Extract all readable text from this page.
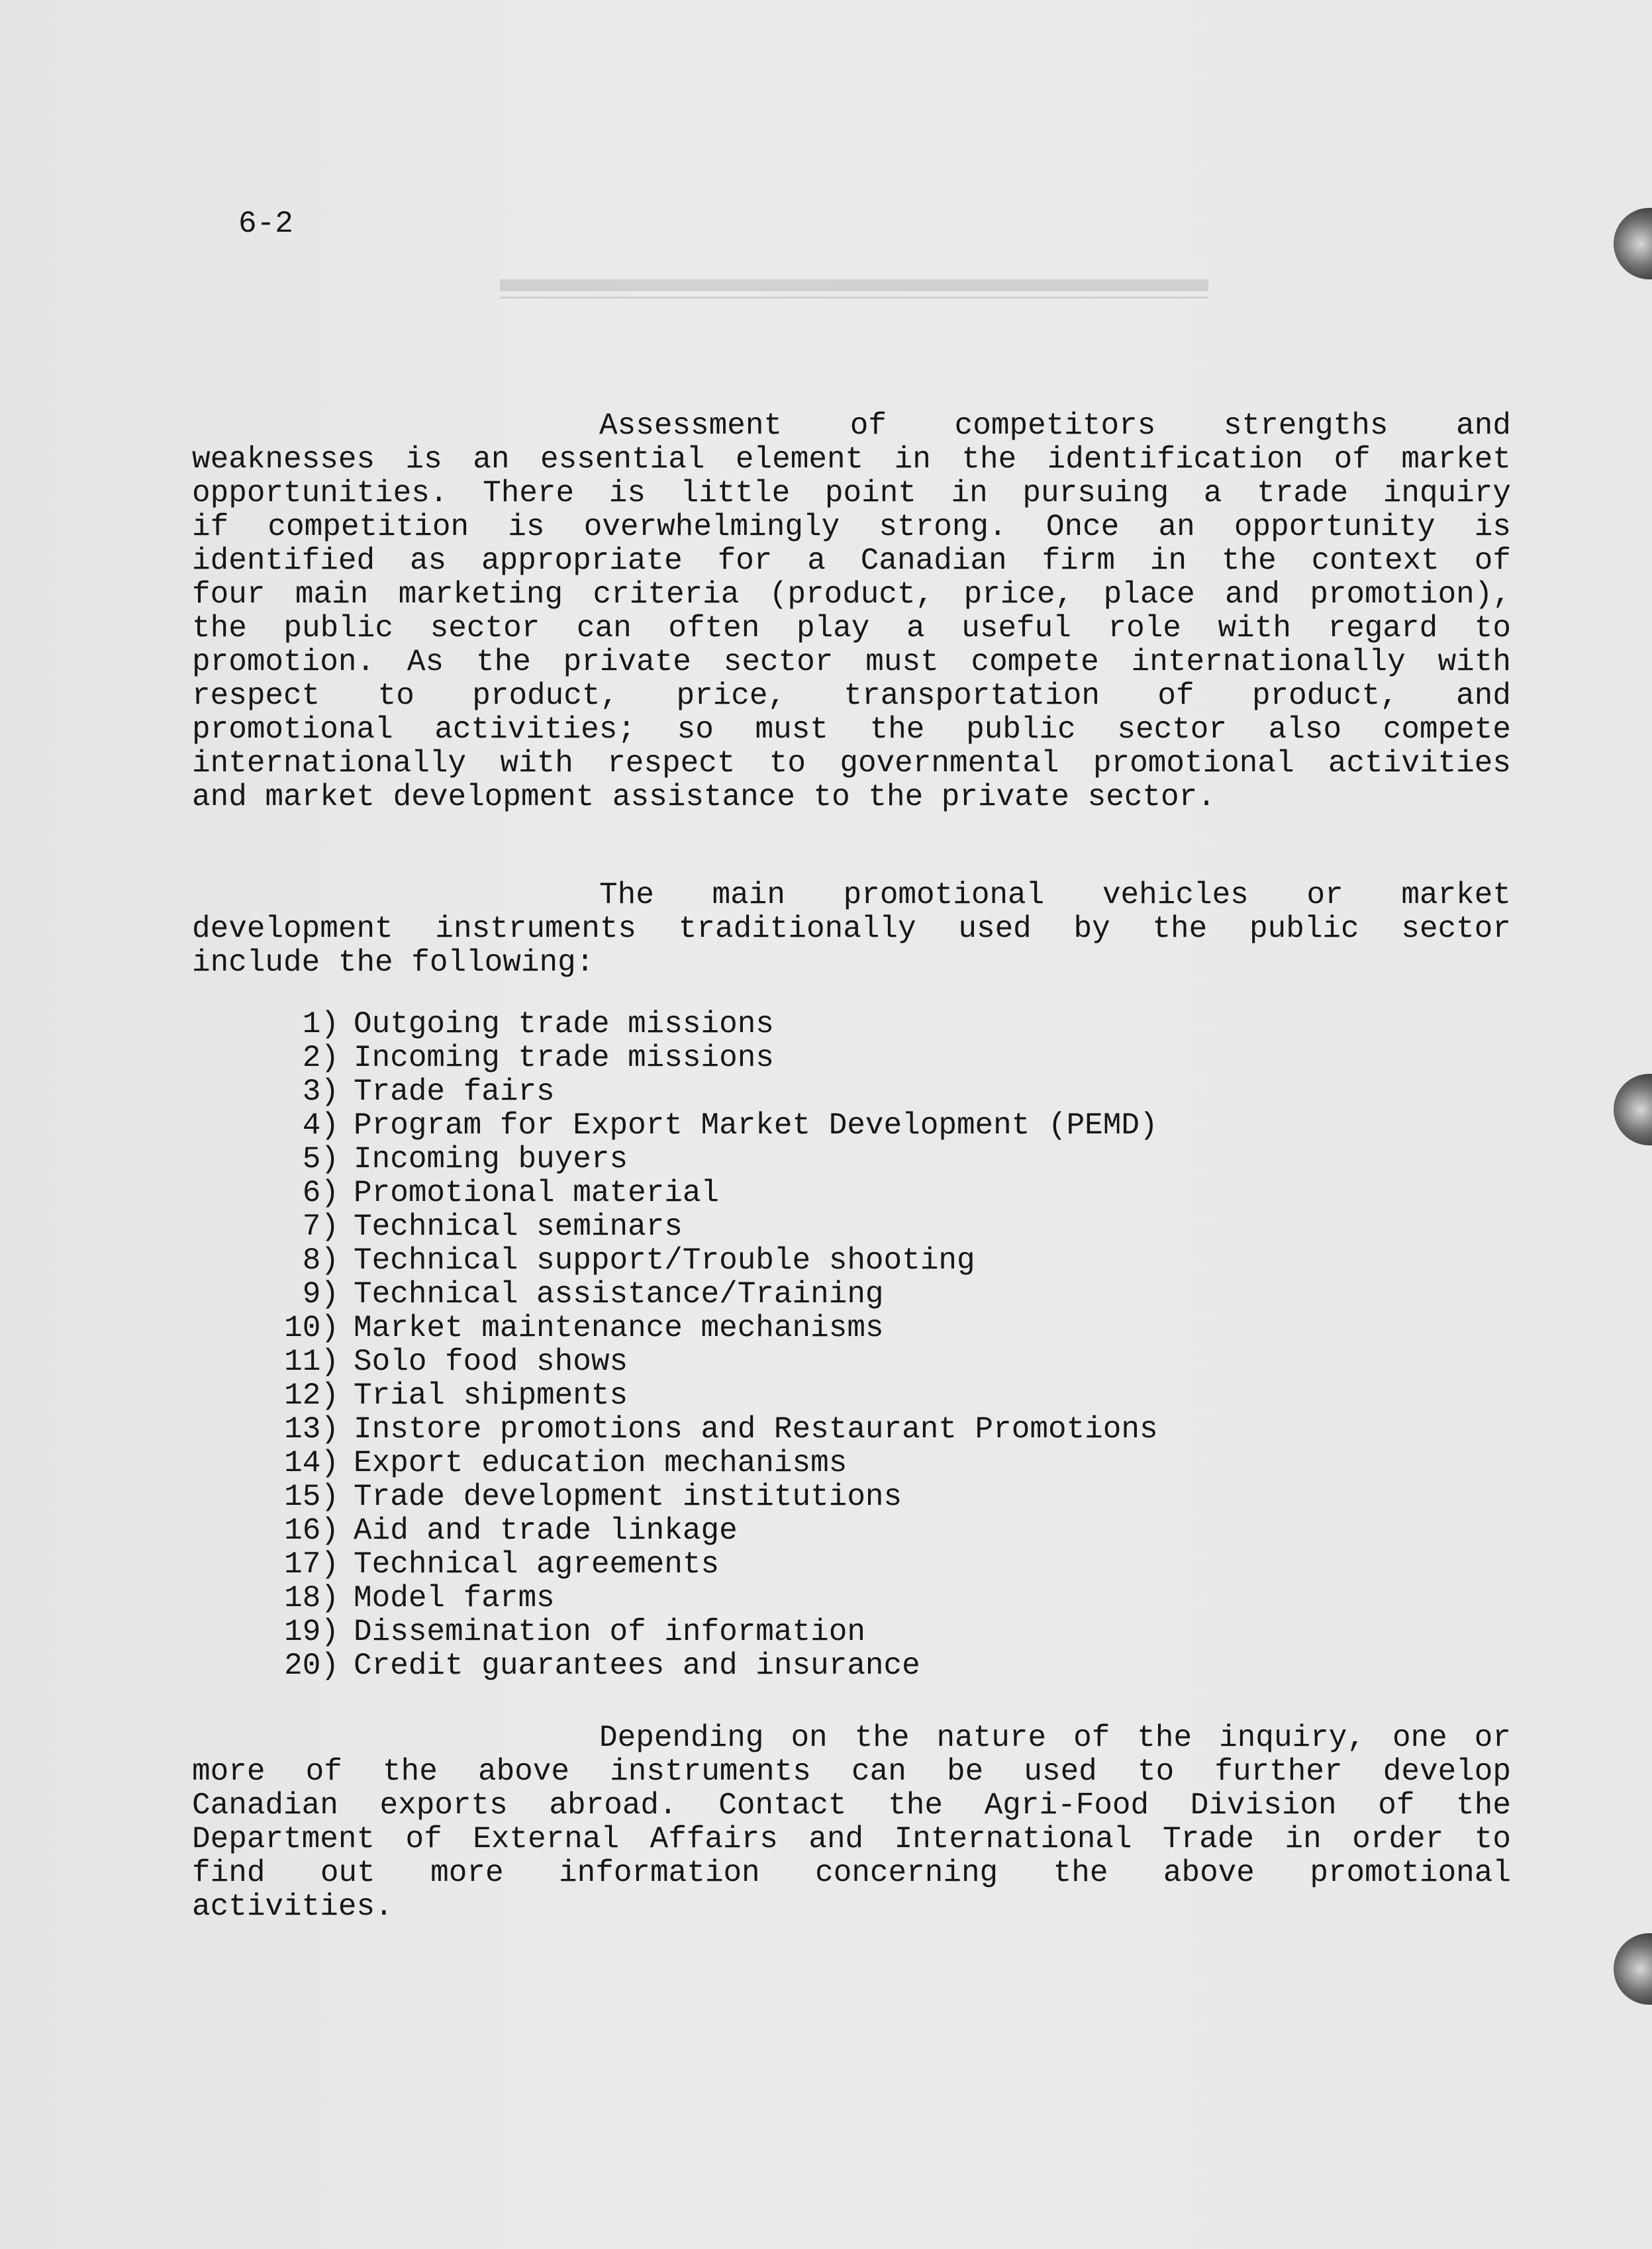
6-2

Assessment of competitors strengths and
weaknesses is an essential element in the identification of market
opportunities. There is little point in pursuing a trade inquiry
if competition is overwhelmingly strong. Once an opportunity is
identified as appropriate for a Canadian firm in the context of
four main marketing criteria (product, price, place and promotion),
the public sector can often play a useful role with regard to
promotion. As the private sector must compete internationally with
respect to product, price, transportation of product, and
promotional activities; so must the public sector also compete
internationally with respect to governmental promotional activities
and market development assistance to the private sector.

The main promotional vehicles or market
development instruments traditionally used by the public sector
include the following:

1) Outgoing trade missions
2) Incoming trade missions
3) Trade fairs
4) Program for Export Market Development (PEMD)
5) Incoming buyers
6) Promotional material
7) Technical seminars
8) Technical support/Trouble shooting
9) Technical assistance/Training
10) Market maintenance mechanisms
11) Solo food shows
12) Trial shipments
13) Instore promotions and Restaurant Promotions
14) Export education mechanisms
15) Trade development institutions
16) Aid and trade linkage
17) Technical agreements
18) Model farms
19) Dissemination of information
20) Credit guarantees and insurance

Depending on the nature of the inquiry, one or
more of the above instruments can be used to further develop
Canadian exports abroad. Contact the Agri-Food Division of the
Department of External Affairs and International Trade in order to
find out more information concerning the above promotional
activities.
